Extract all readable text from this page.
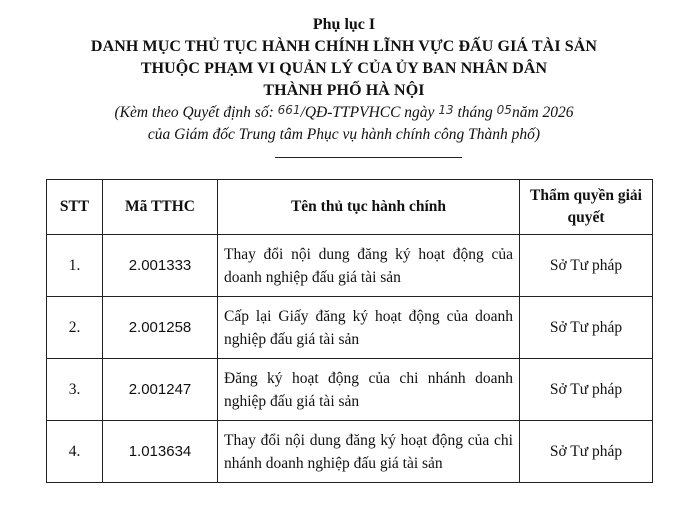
Phụ lục I
DANH MỤC THỦ TỤC HÀNH CHÍNH LĨNH VỰC ĐẤU GIÁ TÀI SẢN
THUỘC PHẠM VI QUẢN LÝ CỦA ỦY BAN NHÂN DÂN
THÀNH PHỐ HÀ NỘI
(Kèm theo Quyết định số: 661/QĐ-TTPVHCC ngày 13 tháng 05năm 2026
của Giám đốc Trung tâm Phục vụ hành chính công Thành phố)
STT	Mã TTHC	Tên thủ tục hành chính	Thẩm quyền giải quyết
1.	2.001333	Thay đổi nội dung đăng ký hoạt động của doanh nghiệp đấu giá tài sản	Sở Tư pháp
2.	2.001258	Cấp lại Giấy đăng ký hoạt động của doanh nghiệp đấu giá tài sản	Sở Tư pháp
3.	2.001247	Đăng ký hoạt động của chi nhánh doanh nghiệp đấu giá tài sản	Sở Tư pháp
4.	1.013634	Thay đổi nội dung đăng ký hoạt động của chi nhánh doanh nghiệp đấu giá tài sản	Sở Tư pháp
